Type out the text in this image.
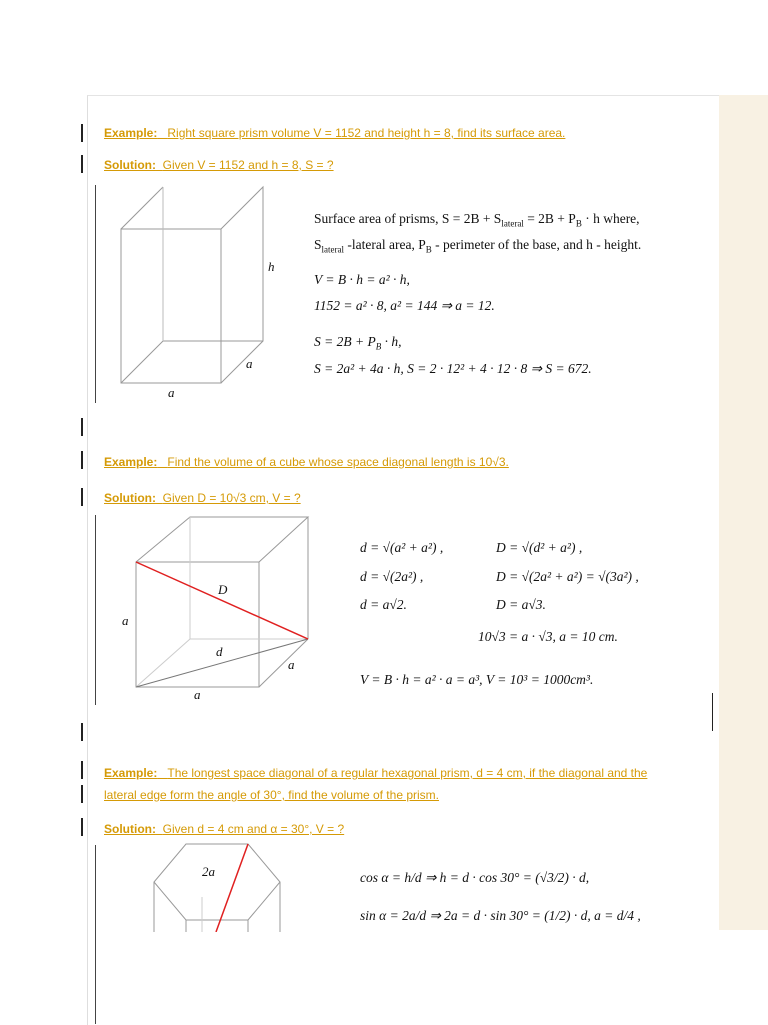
Example: Right square prism volume V = 1152 and height h = 8, find its surface area.
Solution: Given V = 1152 and h = 8, S = ?
h
a
a
Surface area of prisms, $S = 2B + S_{lateral} = 2B + P_B \cdot h$ where,
$S_{lateral}$ -lateral area, $P_B$ - perimeter of the base, and h - height.
V = B · h = a² · h,
1152 = a² · 8, a² = 144 ⇒ a = 12.
$S = 2B + P_B \cdot h$,
S = 2a² + 4a · h, S = 2 · 12² + 4 · 12 · 8 ⇒ S = 672.
Example: Find the volume of a cube whose space diagonal length is 10√3.
Solution: Given D = 10√3 cm, V = ?
D
d
a
a
a
d = √(a² + a²) ,
d = √(2a²) ,
d = a√2.
D = √(d² + a²) ,
D = √(2a² + a²) = √(3a²) ,
D = a√3.
10√3 = a · √3, a = 10 cm.
V = B · h = a² · a = a³, V = 10³ = 1000cm³.
Example: The longest space diagonal of a regular hexagonal prism, d = 4 cm, if the diagonal and the
lateral edge form the angle of 30°, find the volume of the prism.
Solution: Given d = 4 cm and α = 30°, V = ?
2a	cos α = h/d ⇒ h = d · cos 30° = (√3/2) · d,
sin α = 2a/d ⇒ 2a = d · sin 30° = (1/2) · d, a = d/4 ,
